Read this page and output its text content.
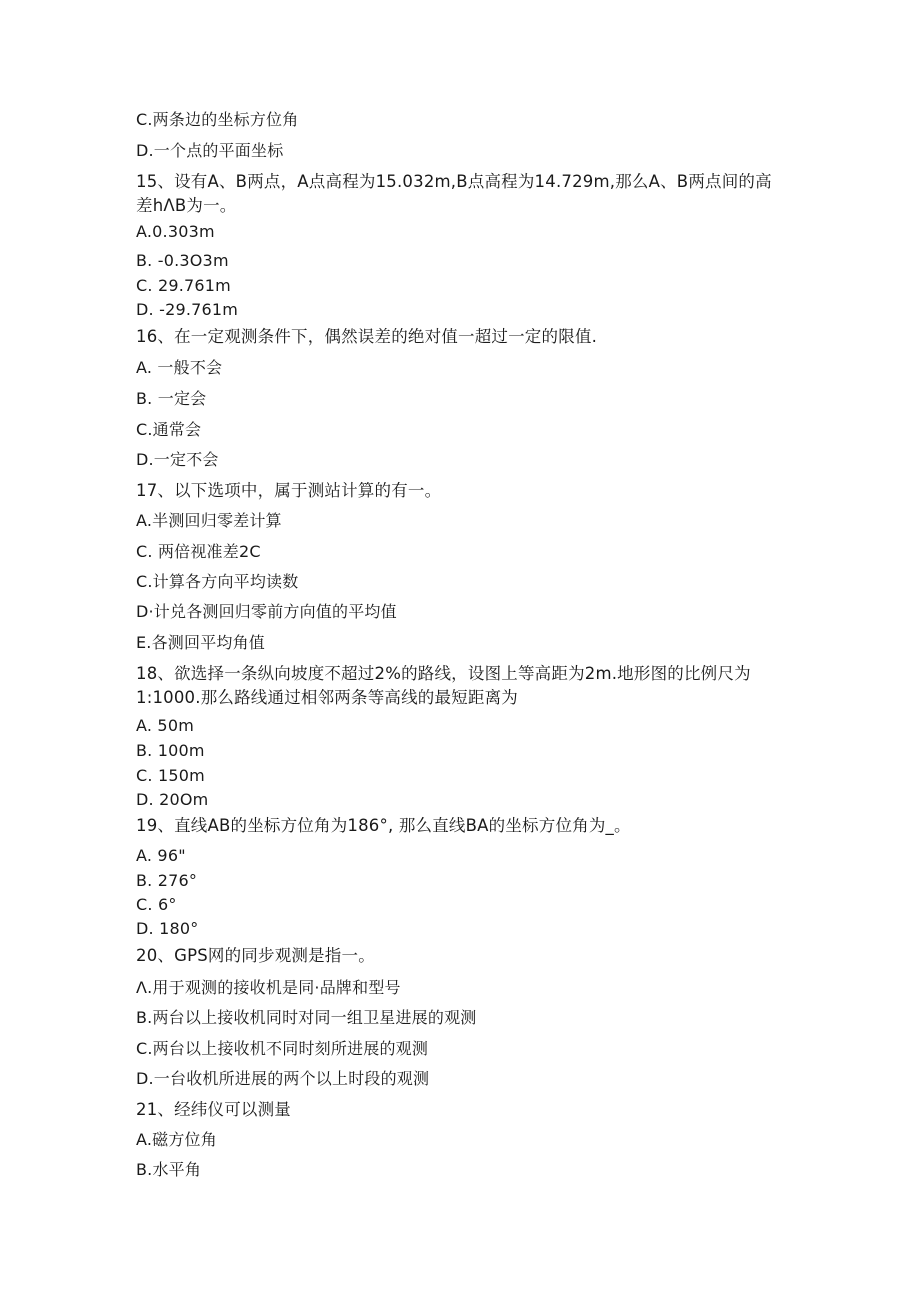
C.两条边的坐标方位角
D.一个点的平面坐标
15、设有A、B两点，A点高程为15.032m,B点高程为14.729m,那么A、B两点间的高差hΛB为一。
A.0.303m
B. -0.3O3m
C. 29.761m
D. -29.761m
16、在一定观测条件下，偶然误差的绝对值一超过一定的限值.
A. 一般不会
B. 一定会
C.通常会
D.一定不会
17、以下选项中，属于测站计算的有一。
A.半测回归零差计算
C. 两倍视准差2C
C.计算各方向平均读数
D·计兑各测回归零前方向值的平均值
E.各测回平均角值
18、欲选择一条纵向坡度不超过2%的路线，设图上等高距为2m.地形图的比例尺为1:1000.那么路线通过相邻两条等高线的最短距离为
A. 50m
B. 100m
C. 150m
D. 20Om
19、直线AB的坐标方位角为186°, 那么直线BA的坐标方位角为_。
A. 96"
B. 276°
C. 6°
D. 180°
20、GPS网的同步观测是指一。
Λ.用于观测的接收机是同·品牌和型号
B.两台以上接收机同时对同一组卫星进展的观测
C.两台以上接收机不同时刻所进展的观测
D.一台收机所进展的两个以上时段的观测
21、经纬仪可以测量
A.磁方位角
B.水平角
